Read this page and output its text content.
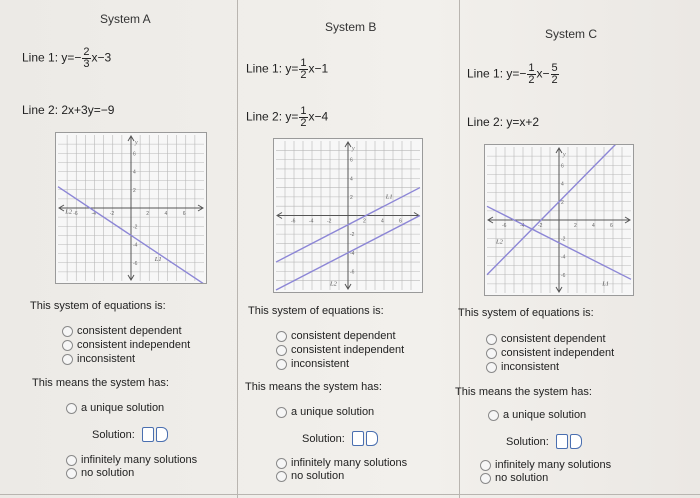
System A
Line 1: $y=- \frac{2}{3} x-3$
Line 2: 2x+3y=−9
-6	-4	-2	2	4	6
6
4
2
-2
-4
-6
y
L2
L1
This system of equations is:
consistent dependent
consistent independent
inconsistent
This means the system has:
a unique solution
Solution:
infinitely many solutions
no solution
System B
Line 1: $y= \frac{1}{2} x-1$
Line 2: $y= \frac{1}{2} x-4$
-6	-4	-2	2	4	6
6
4
2
-2
-4
-6
y
L1
L2
This system of equations is:
consistent dependent
consistent independent
inconsistent
This means the system has:
a unique solution
Solution:
infinitely many solutions
no solution
System C
Line 1: $y=- \frac{1}{2} x- \frac{5}{2}$
Line 2: y=x+2
-6	-4	-2	2	4	6
6
4
2
-2
-4
-6
y
L2
L1
This system of equations is:
consistent dependent
consistent independent
inconsistent
This means the system has:
a unique solution
Solution:
infinitely many solutions
no solution
